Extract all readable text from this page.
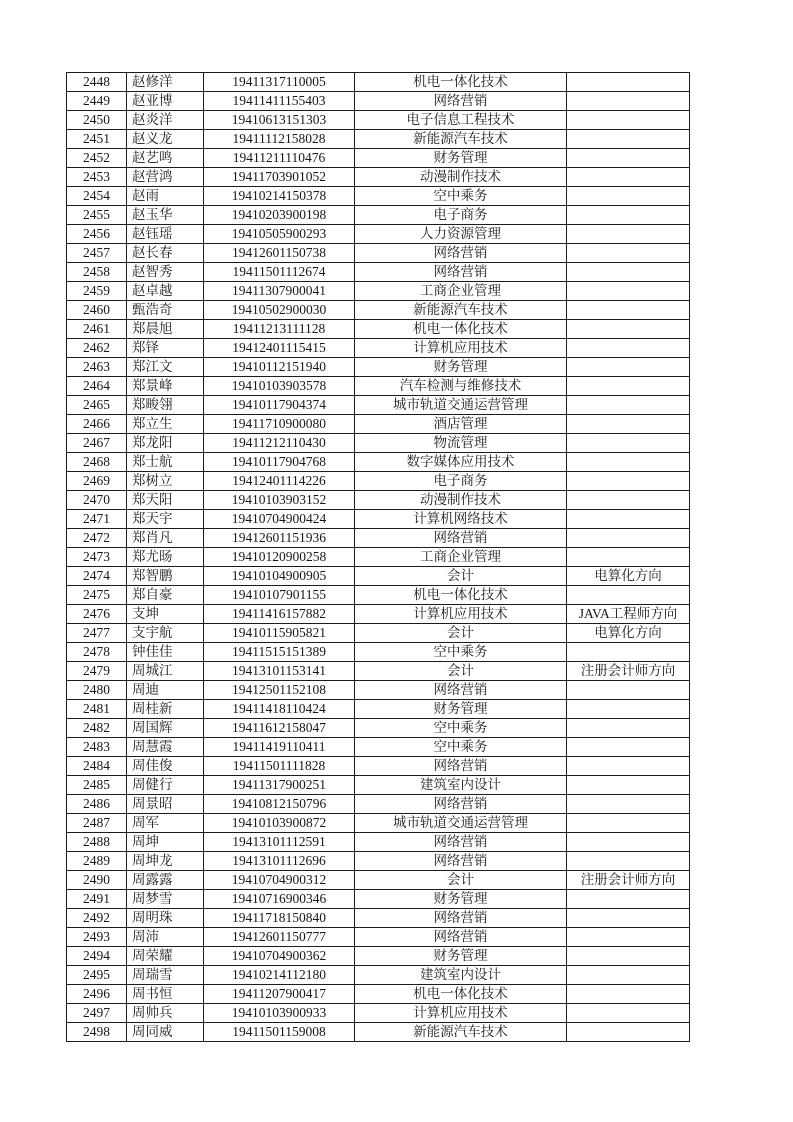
2448	赵修洋	19411317110005	机电一体化技术	
2449	赵亚博	19411411155403	网络营销	
2450	赵炎洋	19410613151303	电子信息工程技术	
2451	赵义龙	19411112158028	新能源汽车技术	
2452	赵艺鸣	19411211110476	财务管理	
2453	赵营鸿	19411703901052	动漫制作技术	
2454	赵雨	19410214150378	空中乘务	
2455	赵玉华	19410203900198	电子商务	
2456	赵钰瑶	19410505900293	人力资源管理	
2457	赵长春	19412601150738	网络营销	
2458	赵智秀	19411501112674	网络营销	
2459	赵卓越	19411307900041	工商企业管理	
2460	甄浩奇	19410502900030	新能源汽车技术	
2461	郑晨旭	19411213111128	机电一体化技术	
2462	郑铎	19412401115415	计算机应用技术	
2463	郑江文	19410112151940	财务管理	
2464	郑景峰	19410103903578	汽车检测与维修技术	
2465	郑畯翎	19410117904374	城市轨道交通运营管理	
2466	郑立生	19411710900080	酒店管理	
2467	郑龙阳	19411212110430	物流管理	
2468	郑士航	19410117904768	数字媒体应用技术	
2469	郑树立	19412401114226	电子商务	
2470	郑天阳	19410103903152	动漫制作技术	
2471	郑天宇	19410704900424	计算机网络技术	
2472	郑肖凡	19412601151936	网络营销	
2473	郑尤旸	19410120900258	工商企业管理	
2474	郑智鹏	19410104900905	会计	电算化方向
2475	郑自豪	19410107901155	机电一体化技术	
2476	支坤	19411416157882	计算机应用技术	JAVA工程师方向
2477	支宇航	19410115905821	会计	电算化方向
2478	钟佳佳	19411515151389	空中乘务	
2479	周城江	19413101153141	会计	注册会计师方向
2480	周迪	19412501152108	网络营销	
2481	周桂新	19411418110424	财务管理	
2482	周国辉	19411612158047	空中乘务	
2483	周慧霞	19411419110411	空中乘务	
2484	周佳俊	19411501111828	网络营销	
2485	周健行	19411317900251	建筑室内设计	
2486	周景昭	19410812150796	网络营销	
2487	周军	19410103900872	城市轨道交通运营管理	
2488	周坤	19413101112591	网络营销	
2489	周坤龙	19413101112696	网络营销	
2490	周露露	19410704900312	会计	注册会计师方向
2491	周梦雪	19410716900346	财务管理	
2492	周明珠	19411718150840	网络营销	
2493	周沛	19412601150777	网络营销	
2494	周荣耀	19410704900362	财务管理	
2495	周瑞雪	19410214112180	建筑室内设计	
2496	周书恒	19411207900417	机电一体化技术	
2497	周帅兵	19410103900933	计算机应用技术	
2498	周同威	19411501159008	新能源汽车技术	
